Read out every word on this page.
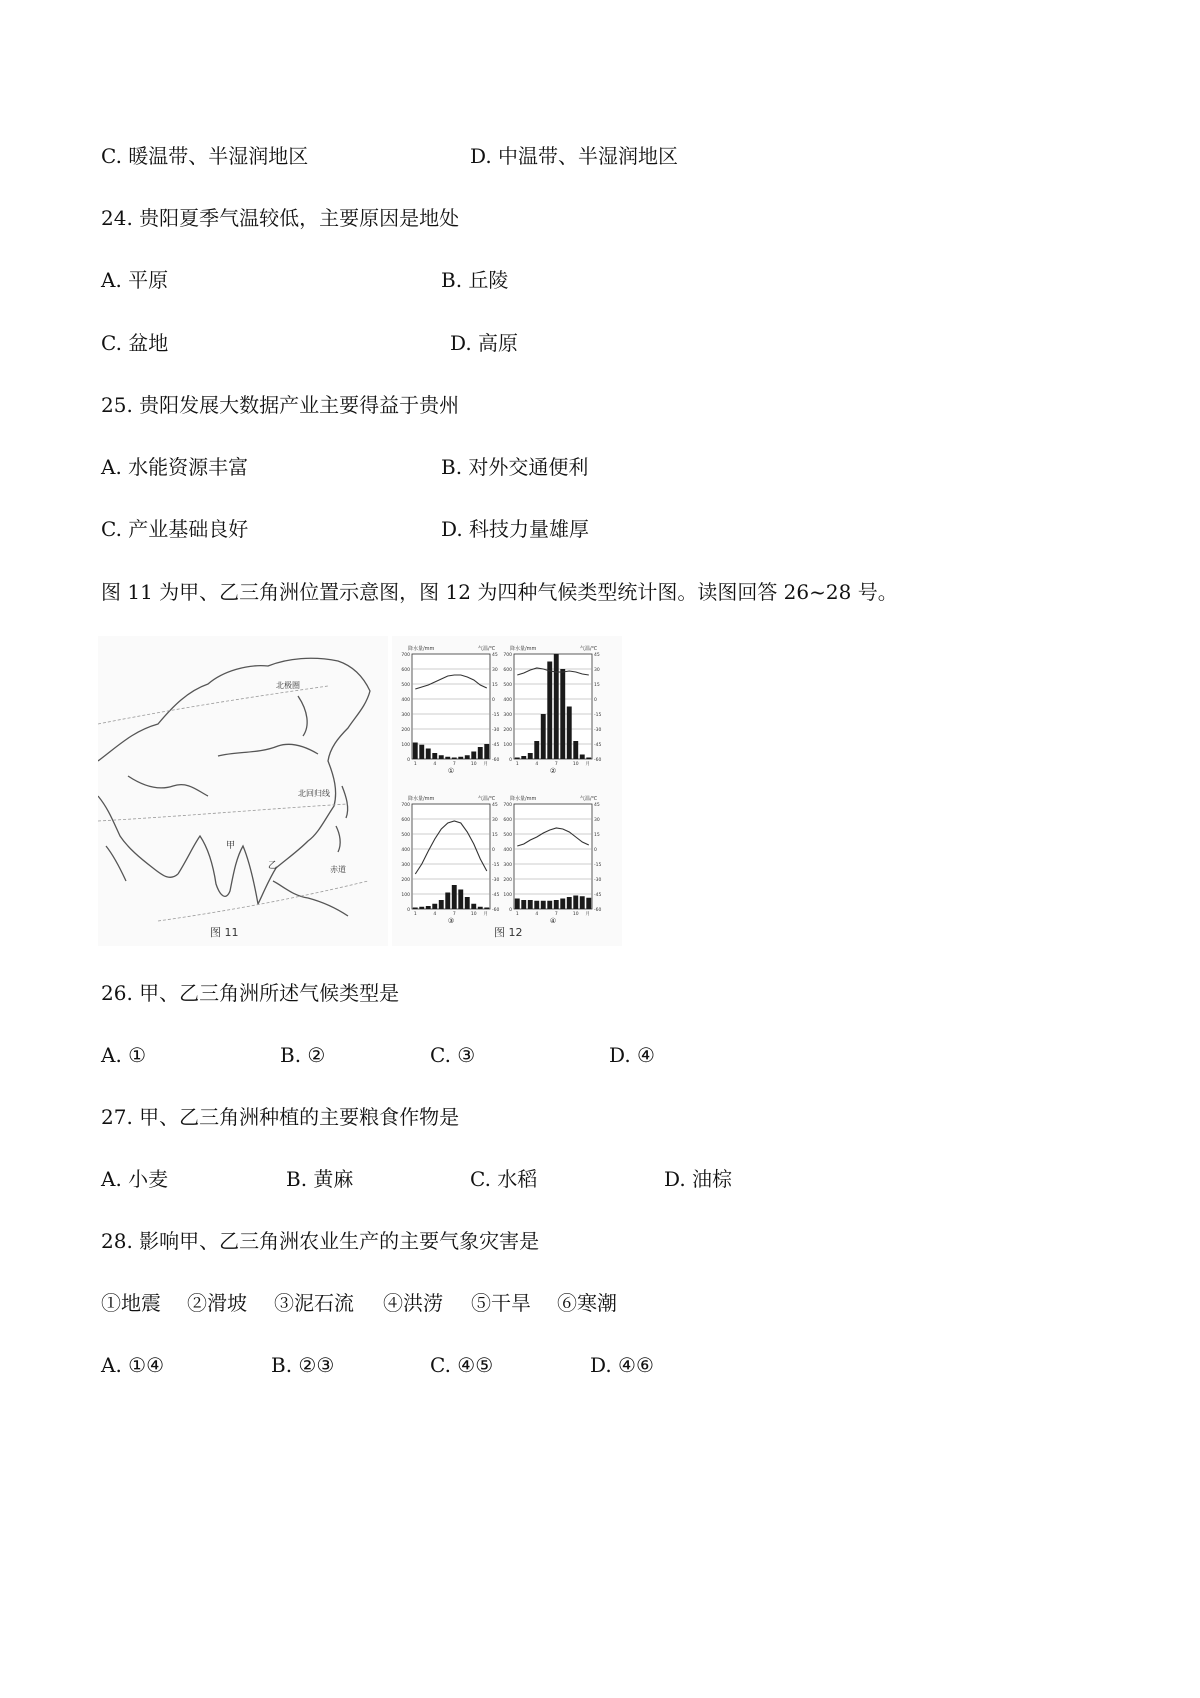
C. 暖温带、半湿润地区	D. 中温带、半湿润地区
24. 贵阳夏季气温较低，主要原因是地处
A. 平原	B. 丘陵
C. 盆地	D. 高原
25. 贵阳发展大数据产业主要得益于贵州
A. 水能资源丰富	B. 对外交通便利
C. 产业基础良好	D. 科技力量雄厚
图 11 为甲、乙三角洲位置示意图，图 12 为四种气候类型统计图。读图回答 26~28 号。
北极圈
北回归线
赤道
甲
乙
图 11	图 12
降水量/mm	气温/℃
700	45
600	30
500	15
400	0
300	-15
200	-30
100	-45
0	-60
1	4	7	10 月
①
降水量/mm	气温/℃
700	45
600	30
500	15
400	0
300	-15
200	-30
100	-45
0	-60
1	4	7	10 月
②
降水量/mm	气温/℃
700	45
600	30
500	15
400	0
300	-15
200	-30
100	-45
0	-60
1	4	7	10 月
③
降水量/mm	气温/℃
700	45
600	30
500	15
400	0
300	-15
200	-30
100	-45
0	-60
1	4	7	10 月
④
26. 甲、乙三角洲所述气候类型是
A. ①	B. ②	C. ③	D. ④
27. 甲、乙三角洲种植的主要粮食作物是
A. 小麦	B. 黄麻	C. 水稻	D. 油棕
28. 影响甲、乙三角洲农业生产的主要气象灾害是
①地震 ②滑坡 ③泥石流 ④洪涝 ⑤干旱 ⑥寒潮
A. ①④	B. ②③	C. ④⑤	D. ④⑥
